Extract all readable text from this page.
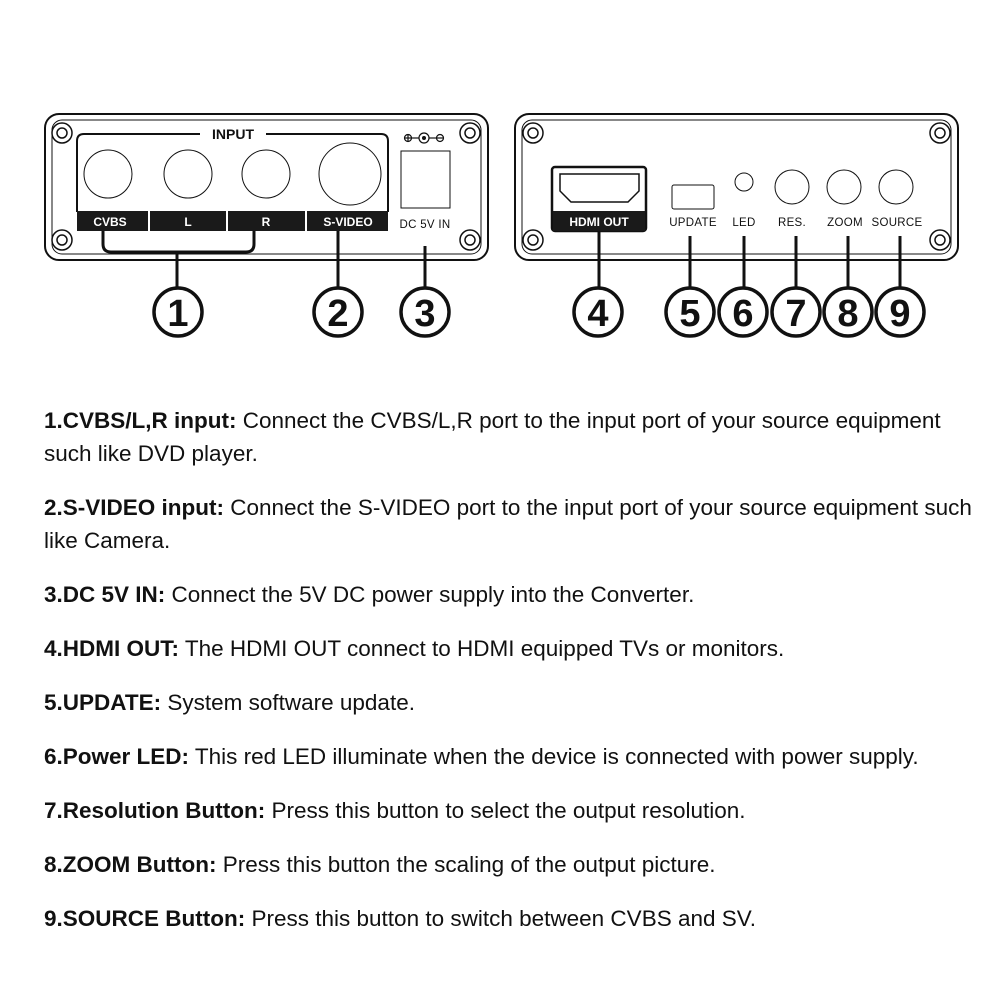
INPUT
CVBS	L	R	S-VIDEO DC 5V IN	HDMI OUT	UPDATE LED RES. ZOOM SOURCE
1	2 3	4 5 6 7 8 9

1.CVBS/L,R input: Connect the CVBS/L,R port to the input port of your source equipment such like DVD player.

2.S-VIDEO input: Connect the S-VIDEO port to the input port of your source equipment such like Camera.

3.DC 5V IN: Connect the 5V DC power supply into the Converter.

4.HDMI OUT: The HDMI OUT connect to HDMI equipped TVs or monitors.

5.UPDATE: System software update.

6.Power LED: This red LED illuminate when the device is connected with power supply.

7.Resolution Button: Press this button to select the output resolution.

8.ZOOM Button: Press this button the scaling of the output picture.

9.SOURCE Button: Press this button to switch between CVBS and SV.
